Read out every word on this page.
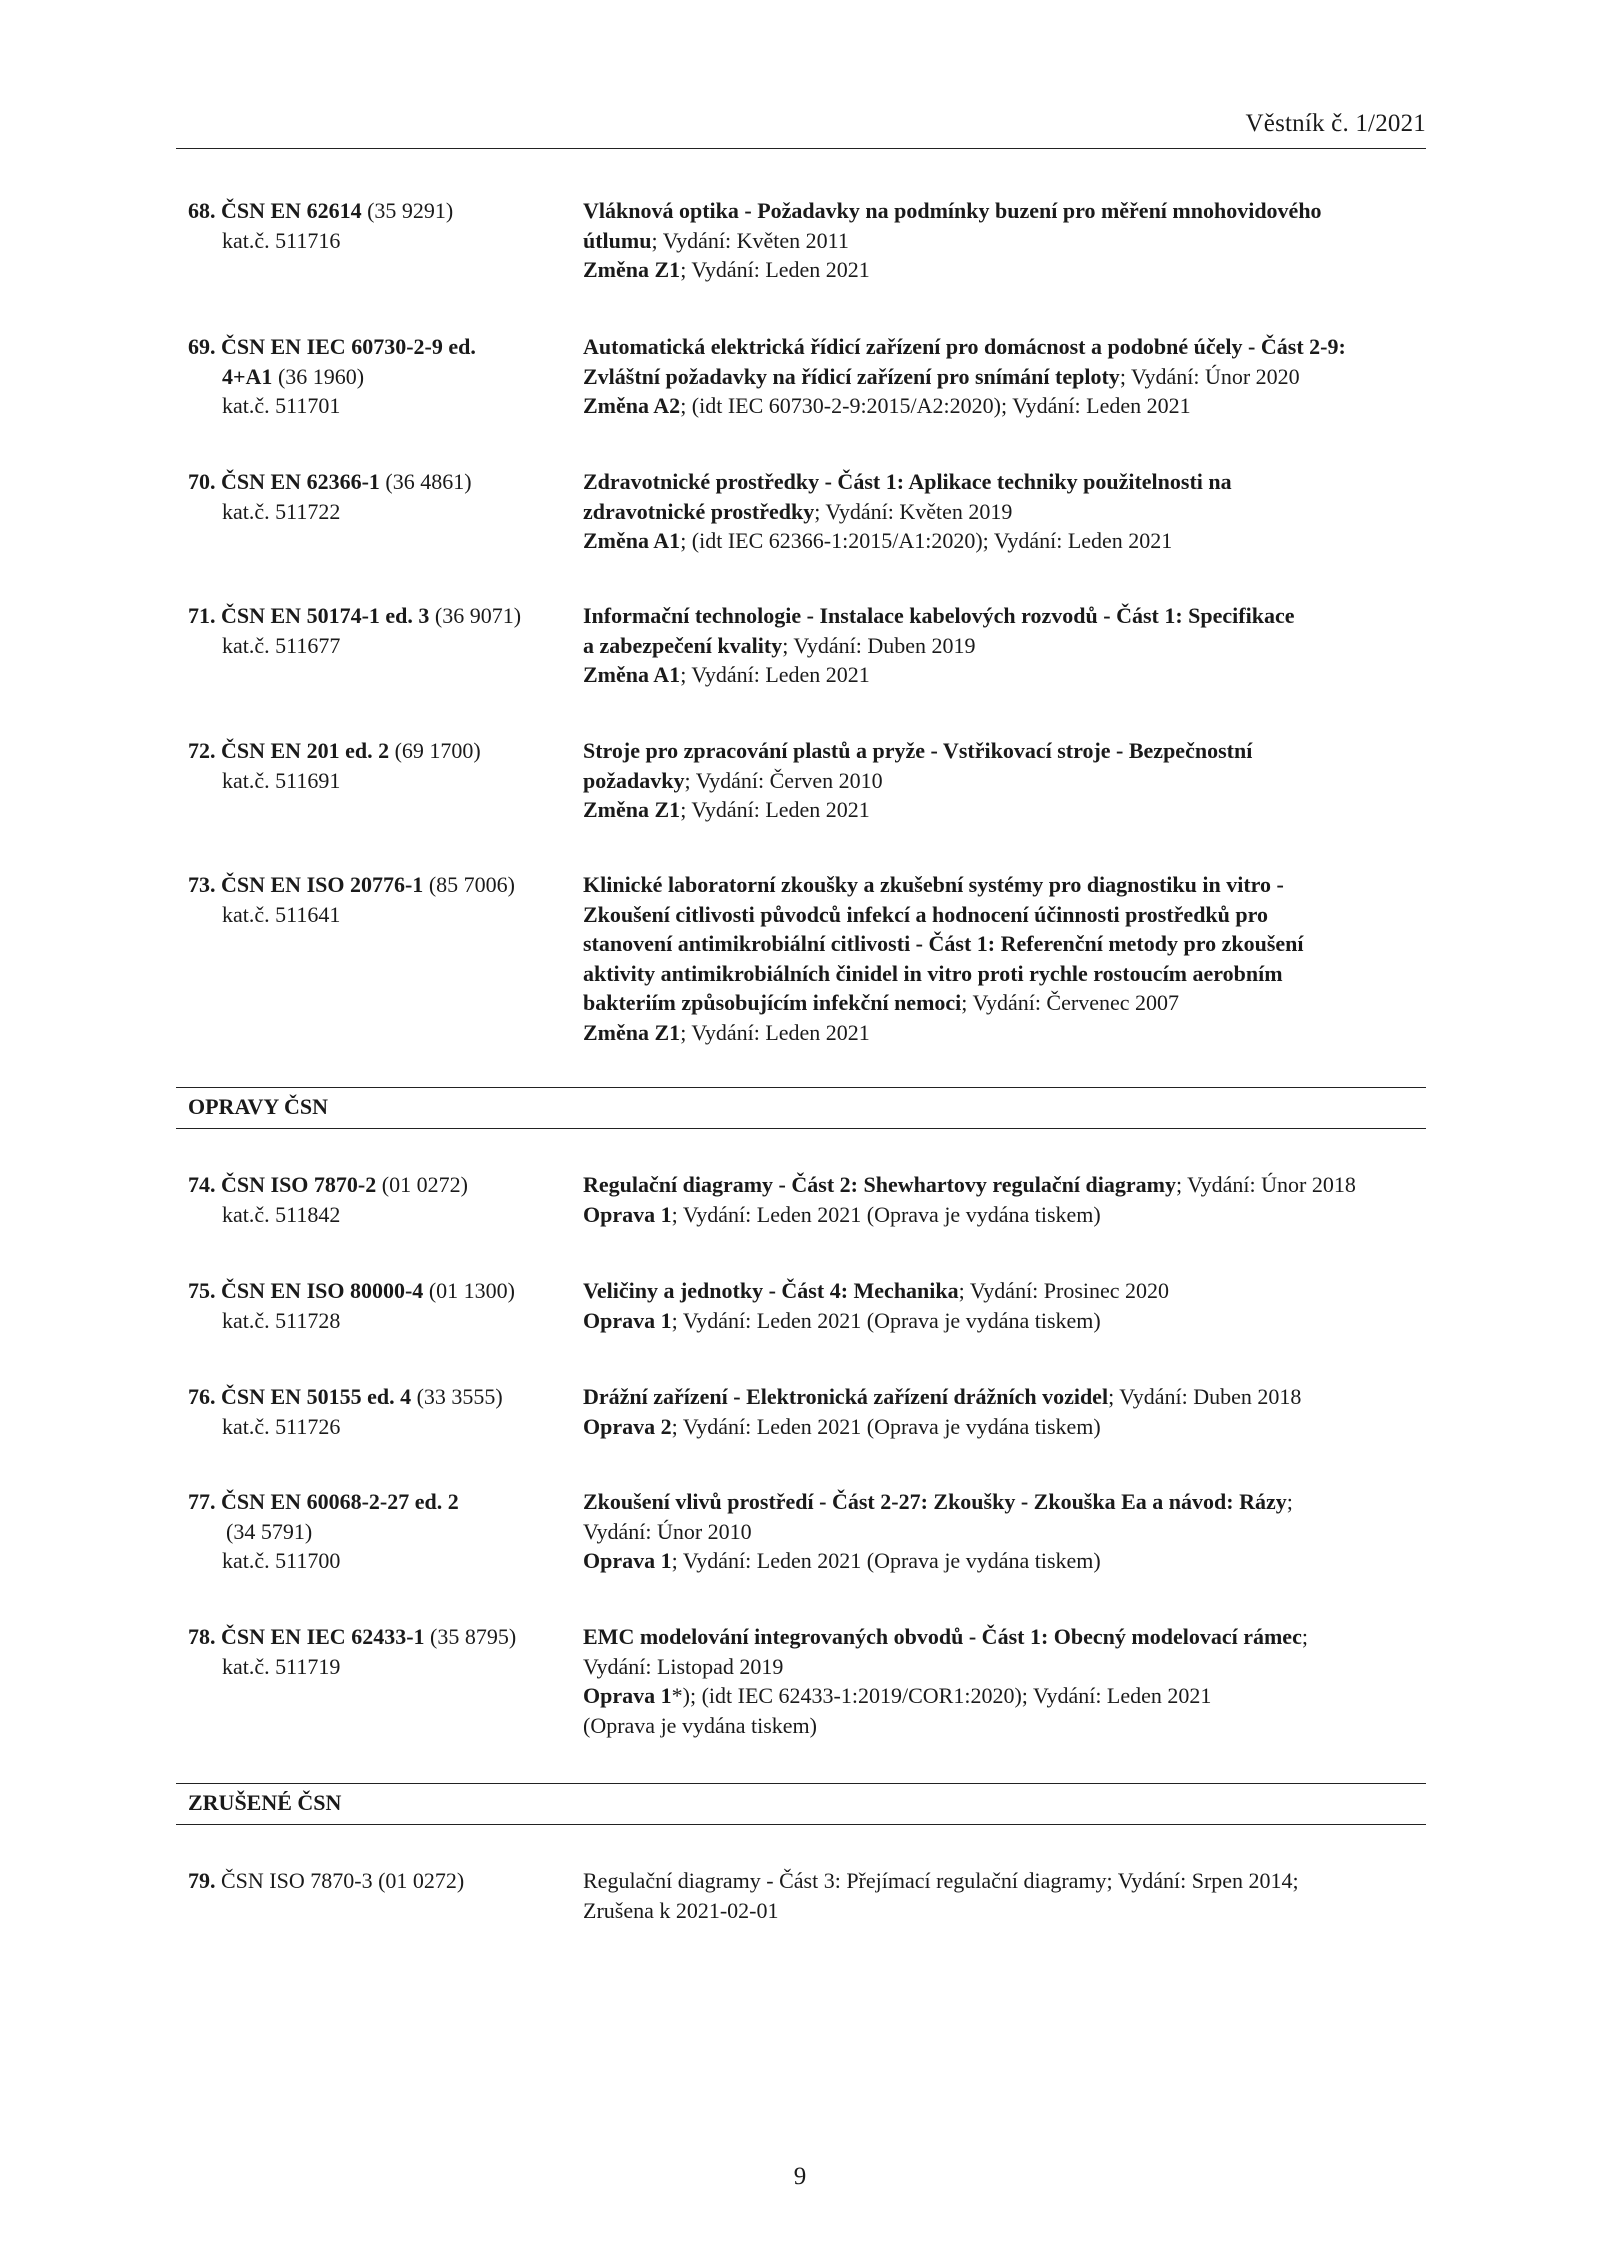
Věstník č. 1/2021
68. ČSN EN 62614 (35 9291)
kat.č. 511716
Vláknová optika - Požadavky na podmínky buzení pro měření mnohovidového
útlumu; Vydání: Květen 2011
Změna Z1; Vydání: Leden 2021
69. ČSN EN IEC 60730-2-9 ed.
4+A1 (36 1960)
kat.č. 511701
Automatická elektrická řídicí zařízení pro domácnost a podobné účely - Část 2-9:
Zvláštní požadavky na řídicí zařízení pro snímání teploty; Vydání: Únor 2020
Změna A2; (idt IEC 60730-2-9:2015/A2:2020); Vydání: Leden 2021
70. ČSN EN 62366-1 (36 4861)
kat.č. 511722
Zdravotnické prostředky - Část 1: Aplikace techniky použitelnosti na
zdravotnické prostředky; Vydání: Květen 2019
Změna A1; (idt IEC 62366-1:2015/A1:2020); Vydání: Leden 2021
71. ČSN EN 50174-1 ed. 3 (36 9071)
kat.č. 511677
Informační technologie - Instalace kabelových rozvodů - Část 1: Specifikace
a zabezpečení kvality; Vydání: Duben 2019
Změna A1; Vydání: Leden 2021
72. ČSN EN 201 ed. 2 (69 1700)
kat.č. 511691
Stroje pro zpracování plastů a pryže - Vstřikovací stroje - Bezpečnostní
požadavky; Vydání: Červen 2010
Změna Z1; Vydání: Leden 2021
73. ČSN EN ISO 20776-1 (85 7006)
kat.č. 511641
Klinické laboratorní zkoušky a zkušební systémy pro diagnostiku in vitro -
Zkoušení citlivosti původců infekcí a hodnocení účinnosti prostředků pro
stanovení antimikrobiální citlivosti - Část 1: Referenční metody pro zkoušení
aktivity antimikrobiálních činidel in vitro proti rychle rostoucím aerobním
bakteriím způsobujícím infekční nemoci; Vydání: Červenec 2007
Změna Z1; Vydání: Leden 2021
OPRAVY ČSN
74. ČSN ISO 7870-2 (01 0272)
kat.č. 511842
Regulační diagramy - Část 2: Shewhartovy regulační diagramy; Vydání: Únor 2018
Oprava 1; Vydání: Leden 2021 (Oprava je vydána tiskem)
75. ČSN EN ISO 80000-4 (01 1300)
kat.č. 511728
Veličiny a jednotky - Část 4: Mechanika; Vydání: Prosinec 2020
Oprava 1; Vydání: Leden 2021 (Oprava je vydána tiskem)
76. ČSN EN 50155 ed. 4 (33 3555)
kat.č. 511726
Drážní zařízení - Elektronická zařízení drážních vozidel; Vydání: Duben 2018
Oprava 2; Vydání: Leden 2021 (Oprava je vydána tiskem)
77. ČSN EN 60068-2-27 ed. 2
(34 5791)
kat.č. 511700
Zkoušení vlivů prostředí - Část 2-27: Zkoušky - Zkouška Ea a návod: Rázy;
Vydání: Únor 2010
Oprava 1; Vydání: Leden 2021 (Oprava je vydána tiskem)
78. ČSN EN IEC 62433-1 (35 8795)
kat.č. 511719
EMC modelování integrovaných obvodů - Část 1: Obecný modelovací rámec;
Vydání: Listopad 2019
Oprava 1*); (idt IEC 62433-1:2019/COR1:2020); Vydání: Leden 2021
(Oprava je vydána tiskem)
ZRUŠENÉ ČSN
79. ČSN ISO 7870-3 (01 0272)	Regulační diagramy - Část 3: Přejímací regulační diagramy; Vydání: Srpen 2014;
Zrušena k 2021-02-01
9
